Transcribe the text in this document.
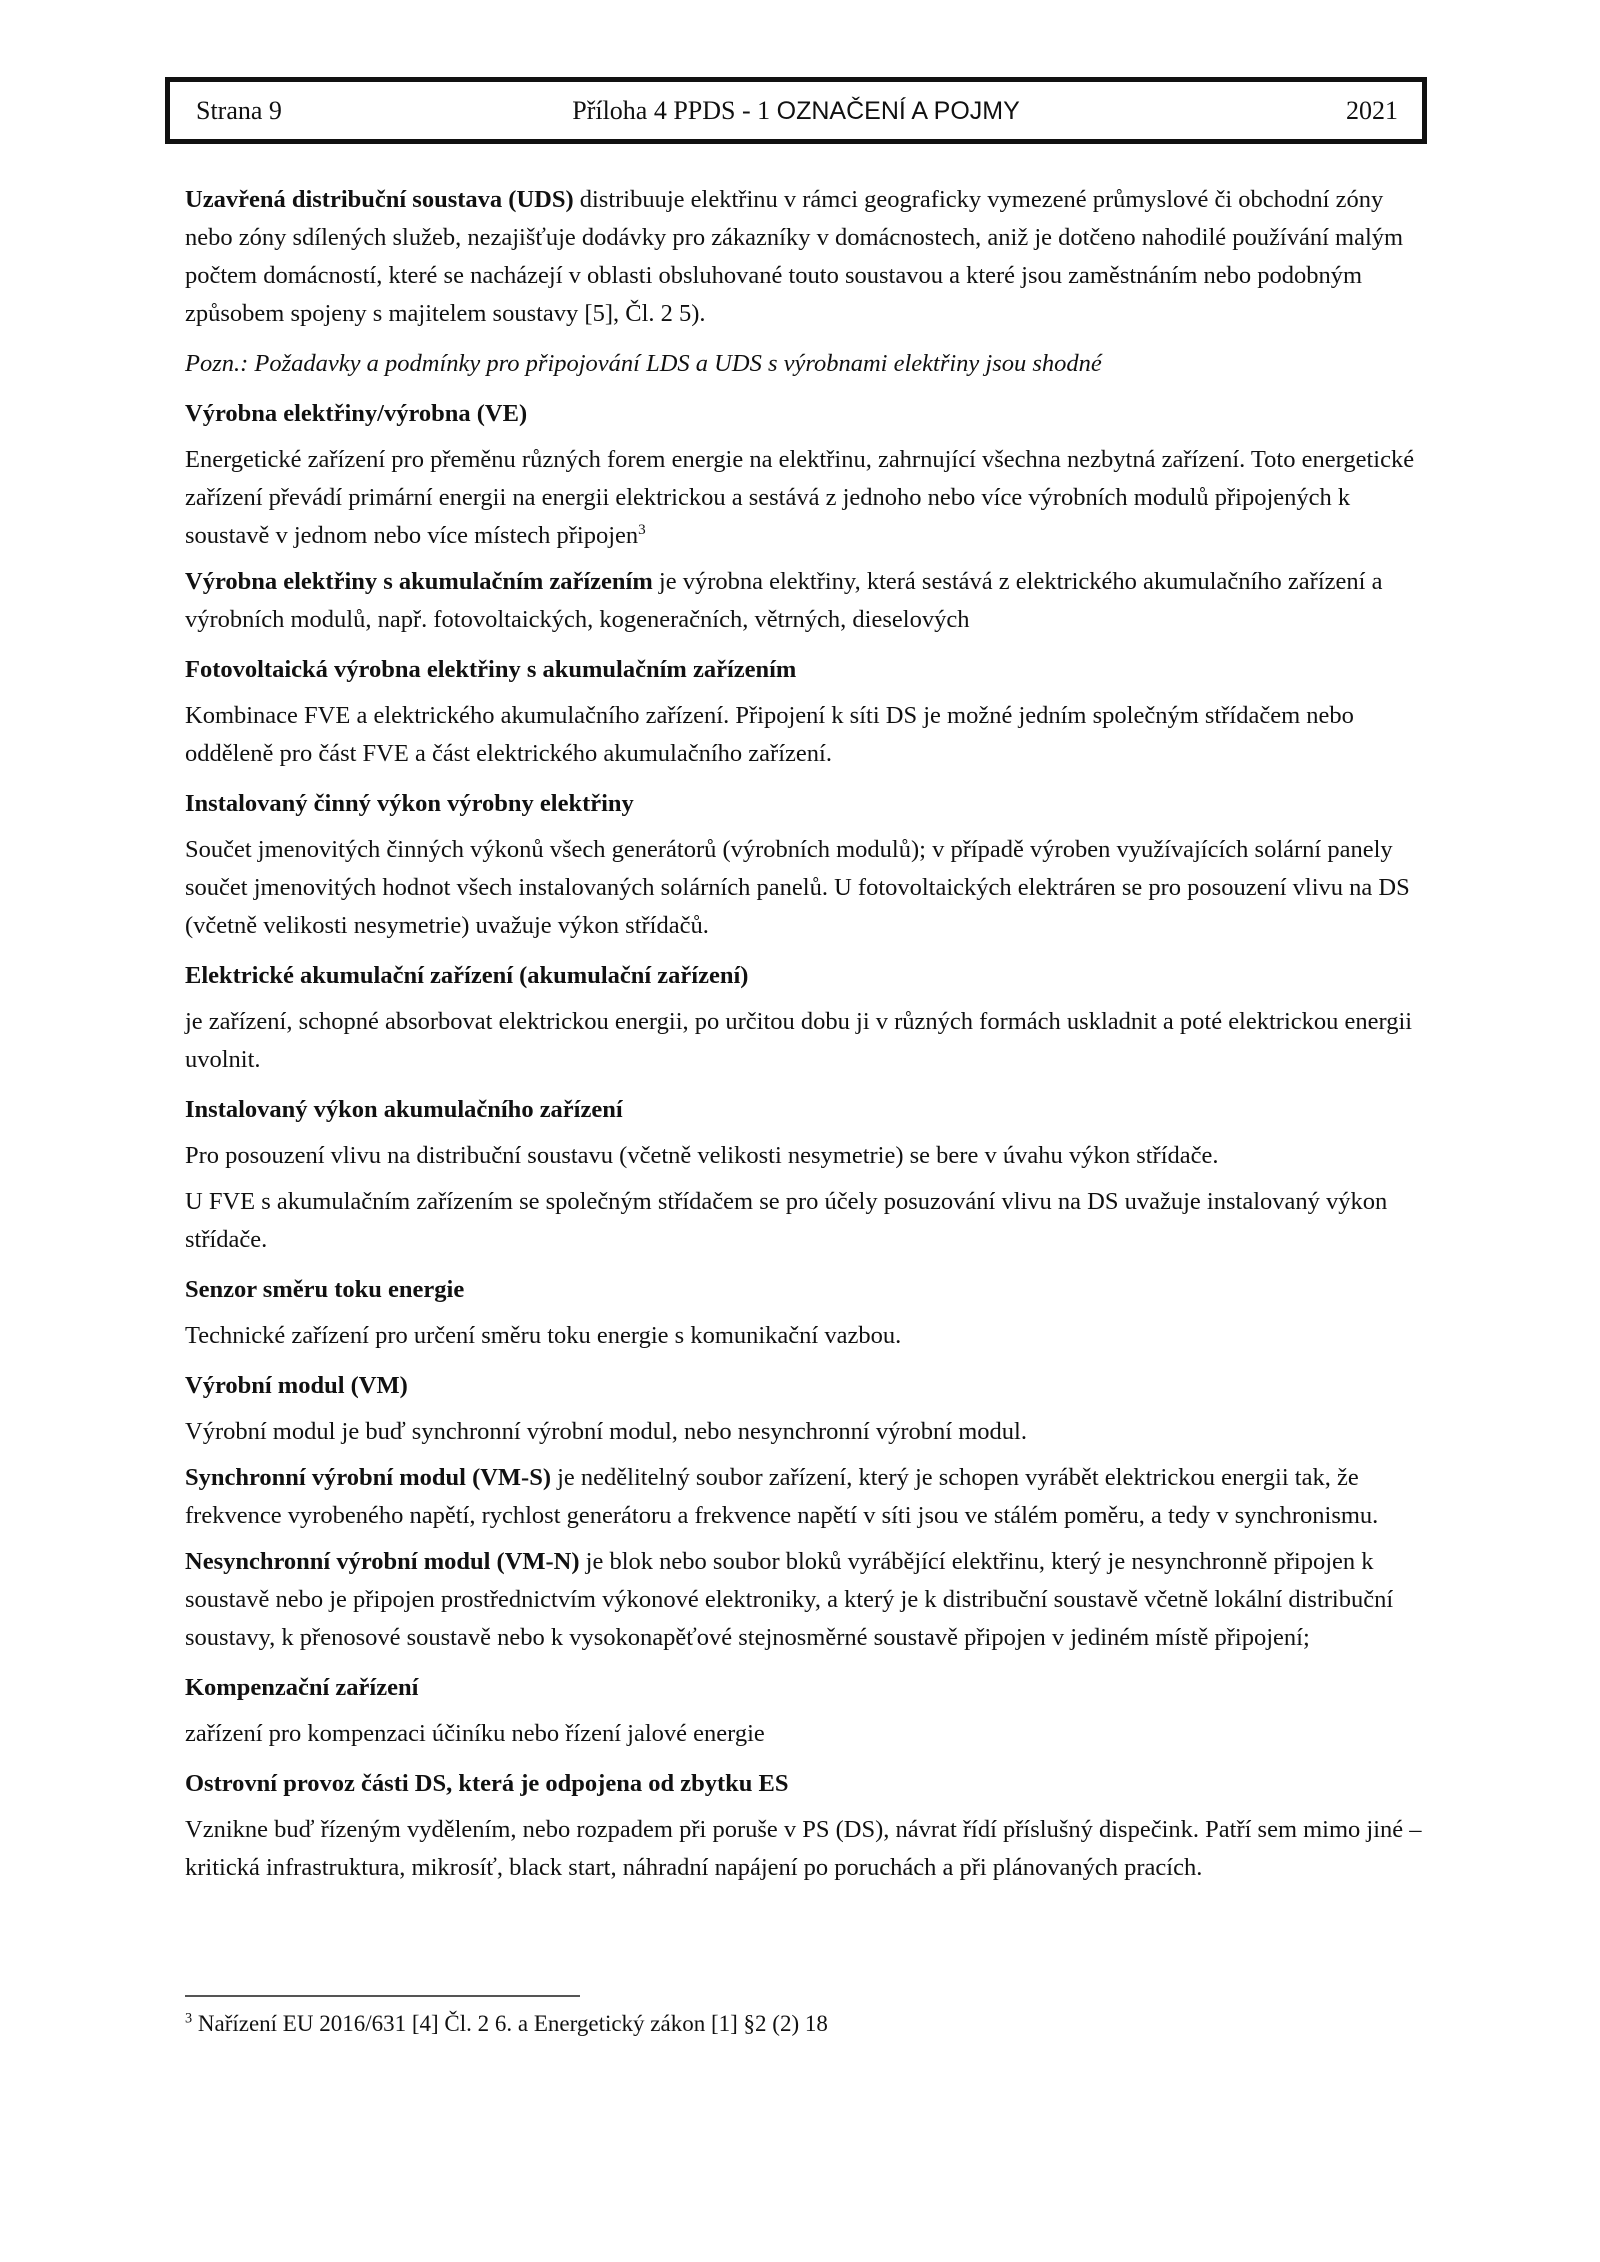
Strana 9	Příloha 4 PPDS - 1 OZNAČENÍ A POJMY	2021

Uzavřená distribuční soustava (UDS) distribuuje elektřinu v rámci geograficky vymezené průmyslové či obchodní zóny nebo zóny sdílených služeb, nezajišťuje dodávky pro zákazníky v domácnostech, aniž je dotčeno nahodilé používání malým počtem domácností, které se nacházejí v oblasti obsluhované touto soustavou a které jsou zaměstnáním nebo podobným způsobem spojeny s majitelem soustavy [5], Čl. 2 5).

Pozn.: Požadavky a podmínky pro připojování LDS a UDS s výrobnami elektřiny jsou shodné

Výrobna elektřiny/výrobna (VE)

Energetické zařízení pro přeměnu různých forem energie na elektřinu, zahrnující všechna nezbytná zařízení. Toto energetické zařízení převádí primární energii na energii elektrickou a sestává z jednoho nebo více výrobních modulů připojených k soustavě v jednom nebo více místech připojen$^3$

Výrobna elektřiny s akumulačním zařízením je výrobna elektřiny, která sestává z elektrického akumulačního zařízení a výrobních modulů, např. fotovoltaických, kogeneračních, větrných, dieselových

Fotovoltaická výrobna elektřiny s akumulačním zařízením

Kombinace FVE a elektrického akumulačního zařízení. Připojení k síti DS je možné jedním společným střídačem nebo odděleně pro část FVE a část elektrického akumulačního zařízení.

Instalovaný činný výkon výrobny elektřiny

Součet jmenovitých činných výkonů všech generátorů (výrobních modulů); v případě výroben využívajících solární panely součet jmenovitých hodnot všech instalovaných solárních panelů. U fotovoltaických elektráren se pro posouzení vlivu na DS (včetně velikosti nesymetrie) uvažuje výkon střídačů.

Elektrické akumulační zařízení (akumulační zařízení)

je zařízení, schopné absorbovat elektrickou energii, po určitou dobu ji v různých formách uskladnit a poté elektrickou energii uvolnit.

Instalovaný výkon akumulačního zařízení

Pro posouzení vlivu na distribuční soustavu (včetně velikosti nesymetrie) se bere v úvahu výkon střídače.

U FVE s akumulačním zařízením se společným střídačem se pro účely posuzování vlivu na DS uvažuje instalovaný výkon střídače.

Senzor směru toku energie

Technické zařízení pro určení směru toku energie s komunikační vazbou.

Výrobní modul (VM)

Výrobní modul je buď synchronní výrobní modul, nebo nesynchronní výrobní modul.

Synchronní výrobní modul (VM-S) je nedělitelný soubor zařízení, který je schopen vyrábět elektrickou energii tak, že frekvence vyrobeného napětí, rychlost generátoru a frekvence napětí v síti jsou ve stálém poměru, a tedy v synchronismu.

Nesynchronní výrobní modul (VM-N) je blok nebo soubor bloků vyrábějící elektřinu, který je nesynchronně připojen k soustavě nebo je připojen prostřednictvím výkonové elektroniky, a který je k distribuční soustavě včetně lokální distribuční soustavy, k přenosové soustavě nebo k vysokonapěťové stejnosměrné soustavě připojen v jediném místě připojení;

Kompenzační zařízení

zařízení pro kompenzaci účiníku nebo řízení jalové energie

Ostrovní provoz části DS, která je odpojena od zbytku ES

Vznikne buď řízeným vydělením, nebo rozpadem při poruše v PS (DS), návrat řídí příslušný dispečink. Patří sem mimo jiné – kritická infrastruktura, mikrosíť, black start, náhradní napájení po poruchách a při plánovaných pracích.

$^3$ Nařízení EU 2016/631 [4] Čl. 2 6. a Energetický zákon [1] §2 (2) 18
